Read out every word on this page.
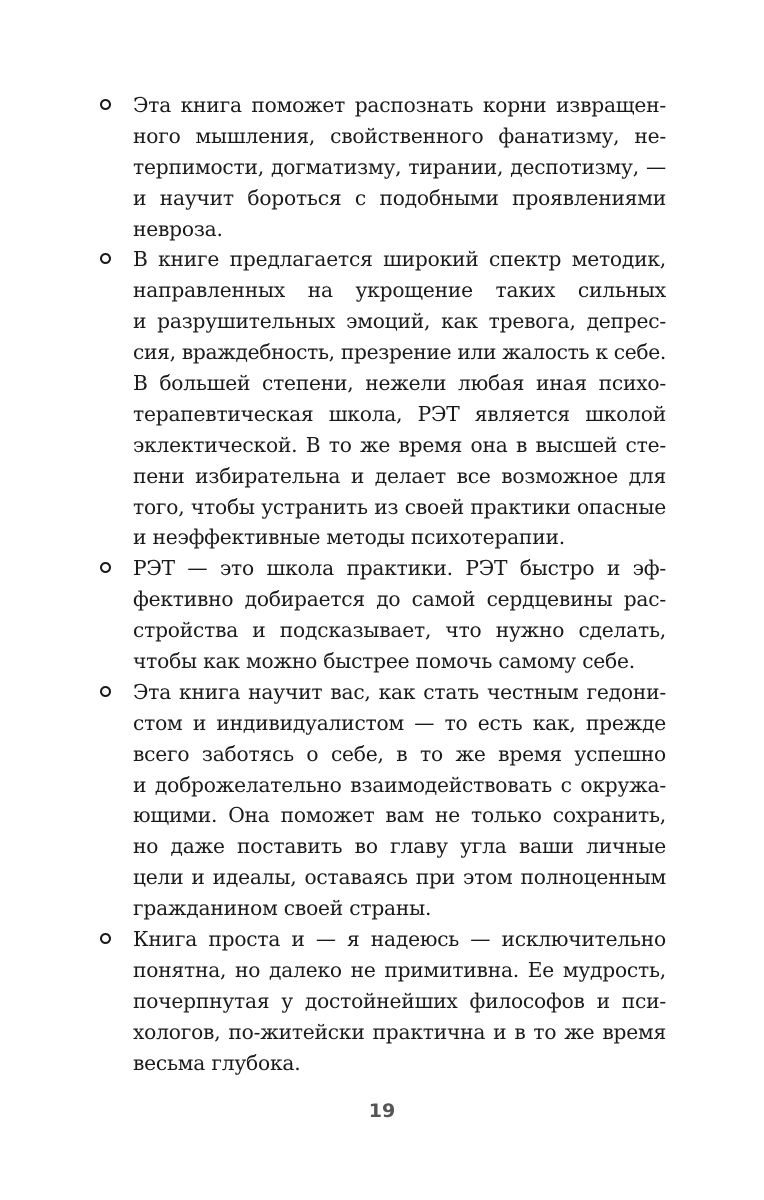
Эта книга поможет распознать корни извращен-
ного мышления, свойственного фанатизму, не-
терпимости, догматизму, тирании, деспотизму, —
и научит бороться с подобными проявлениями
невроза.
В книге предлагается широкий спектр методик,
направленных на укрощение таких сильных
и разрушительных эмоций, как тревога, депрес-
сия, враждебность, презрение или жалость к себе.
В большей степени, нежели любая иная психо-
терапевтическая школа, РЭТ является школой
эклектической. В то же время она в высшей сте-
пени избирательна и делает все возможное для
того, чтобы устранить из своей практики опасные
и неэффективные методы психотерапии.
РЭТ — это школа практики. РЭТ быстро и эф-
фективно добирается до самой сердцевины рас-
стройства и подсказывает, что нужно сделать,
чтобы как можно быстрее помочь самому себе.
Эта книга научит вас, как стать честным гедони-
стом и индивидуалистом — то есть как, прежде
всего заботясь о себе, в то же время успешно
и доброжелательно взаимодействовать с окружа-
ющими. Она поможет вам не только сохранить,
но даже поставить во главу угла ваши личные
цели и идеалы, оставаясь при этом полноценным
гражданином своей страны.
Книга проста и — я надеюсь — исключительно
понятна, но далеко не примитивна. Ее мудрость,
почерпнутая у достойнейших философов и пси-
хологов, по-житейски практична и в то же время
весьма глубока.
19
